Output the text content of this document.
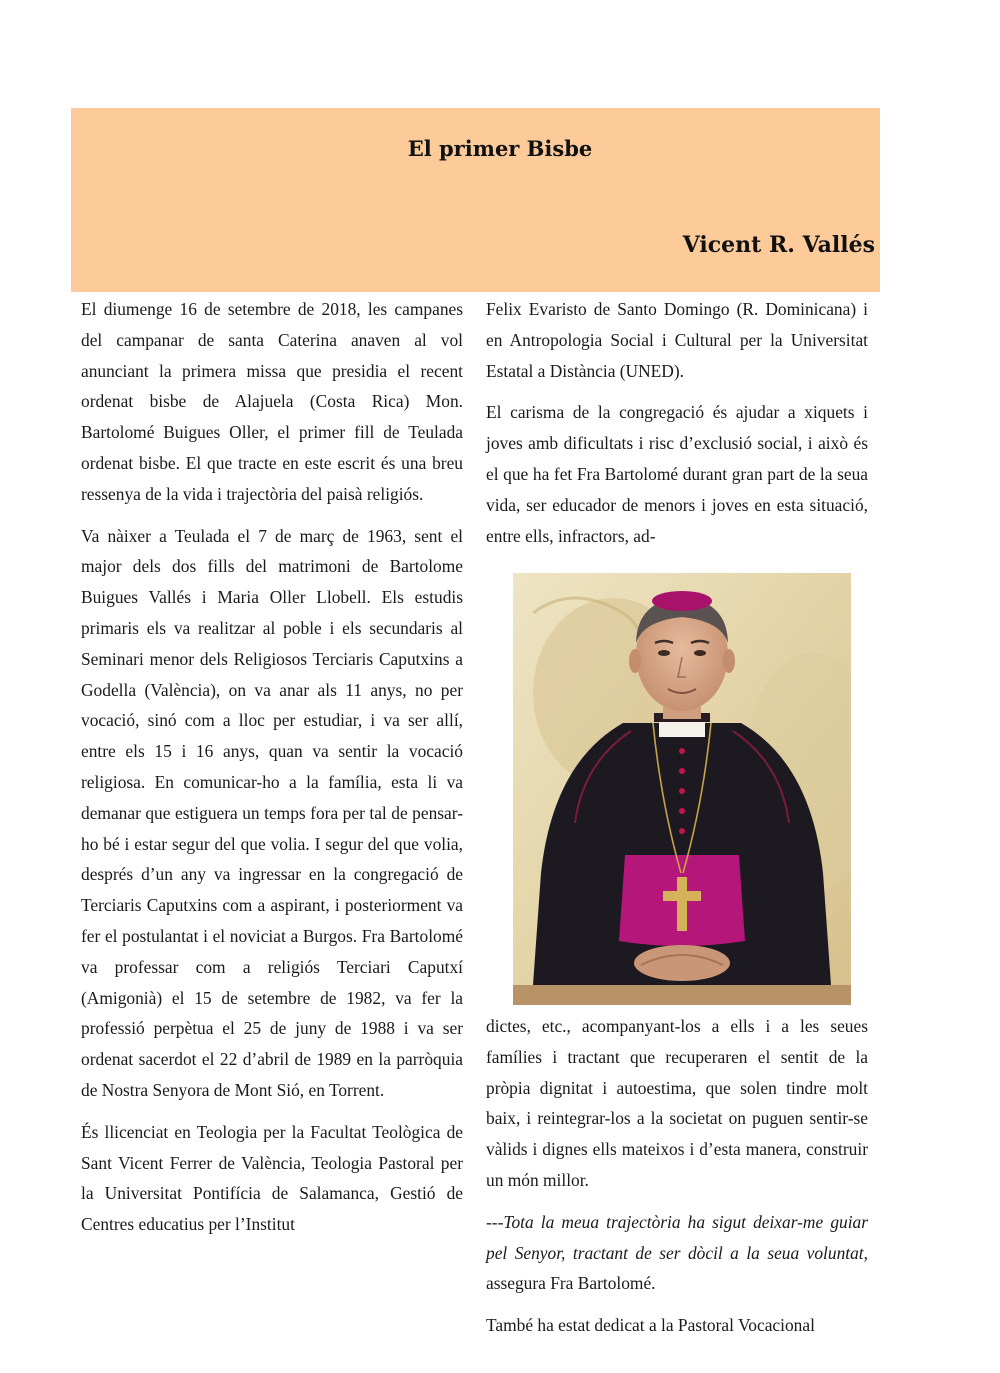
El primer Bisbe
Vicent R. Vallés

El diumenge 16 de setembre de 2018, les campanes del campanar de santa Caterina anaven al vol anunciant la primera missa que presidia el recent ordenat bisbe de Alajuela (Costa Rica) Mon. Bartolomé Buigues Oller, el primer fill de Teulada ordenat bisbe. El que tracte en este escrit és una breu ressenya de la vida i trajectòria del paisà religiós.

Va nàixer a Teulada el 7 de març de 1963, sent el major dels dos fills del matrimoni de Bartolome Buigues Vallés i Maria Oller Llobell. Els estudis primaris els va realitzar al poble i els secundaris al Seminari menor dels Religiosos Terciaris Caputxins a Godella (València), on va anar als 11 anys, no per vocació, sinó com a lloc per estudiar, i va ser allí, entre els 15 i 16 anys, quan va sentir la vocació religiosa. En comunicar-ho a la família, esta li va demanar que estiguera un temps fora per tal de pensar-ho bé i estar segur del que volia. I segur del que volia, després d’un any va ingressar en la congregació de Terciaris Caputxins com a aspirant, i posteriorment va fer el postulantat i el noviciat a Burgos. Fra Bartolomé va professar com a religiós Terciari Caputxí (Amigonià) el 15 de setembre de 1982, va fer la professió perpètua el 25 de juny de 1988 i va ser ordenat sacerdot el 22 d’abril de 1989 en la parròquia de Nostra Senyora de Mont Sió, en Torrent.

És llicenciat en Teologia per la Facultat Teològica de Sant Vicent Ferrer de València, Teologia Pastoral per la Universitat Pontifícia de Salamanca, Gestió de Centres educatius per l’Institut

Felix Evaristo de Santo Domingo (R. Dominicana) i en Antropologia Social i Cultural per la Universitat Estatal a Distància (UNED).

El carisma de la congregació és ajudar a xiquets i joves amb dificultats i risc d’exclusió social, i això és el que ha fet Fra Bartolomé durant gran part de la seua vida, ser educador de menors i joves en esta situació, entre ells, infractors, ad-

dictes, etc., acompanyant-los a ells i a les seues famílies i tractant que recuperaren el sentit de la pròpia dignitat i autoestima, que solen tindre molt baix, i reintegrar-los a la societat on puguen sentir-se vàlids i dignes ells mateixos i d’esta manera, construir un món millor.

---Tota la meua trajectòria ha sigut deixar-me guiar pel Senyor, tractant de ser dòcil a la seua voluntat, assegura Fra Bartolomé.

També ha estat dedicat a la Pastoral Vocacional
